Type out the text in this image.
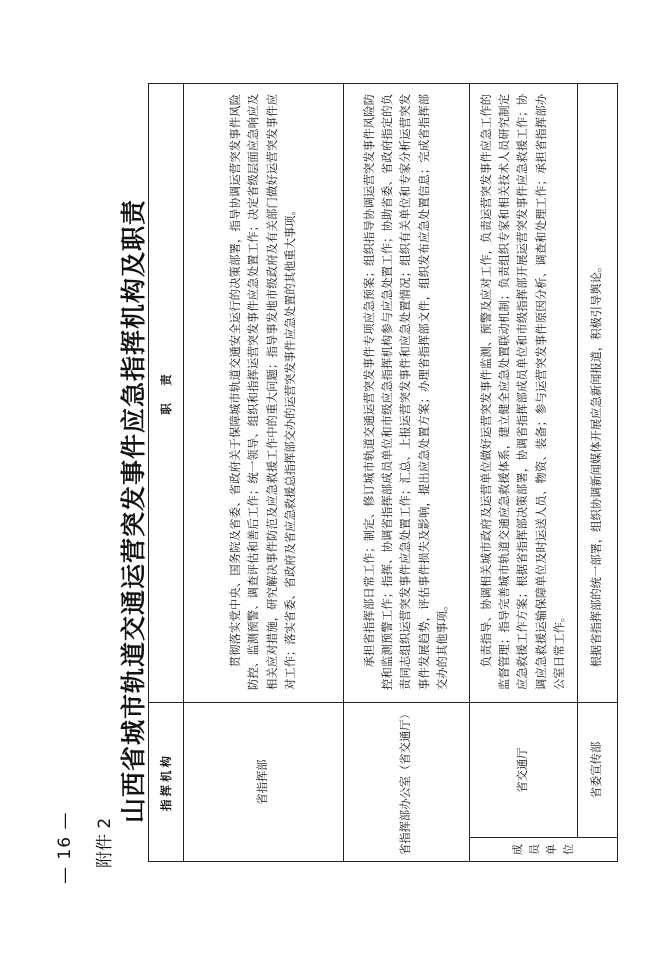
— 16 — 附件 2
山西省城市轨道交通运营突发事件应急指挥机构及职责 指挥机构		职　责
省指挥部		贯彻落实党中央、国务院及省委、省政府关于保障城市轨道交通安全运行的决策部署，指导协调运营突发事件风险防控、监测预警、调查评估和善后工作；统一领导、组织和指挥运营突发事件应急处置工作；决定省级层面应急响应及相关应对措施，研究解决事件防范及应急救援工作中的重大问题；指导事发地市级政府及有关部门做好运营突发事件应对工作；落实省委、省政府及省应急救援总指挥部交办的运营突发事件应急处置的其他重大事项。

省指挥部办公室（省交通厅）		承担省指挥部日常工作；制定、修订城市轨道交通运营突发事件专项应急预案；组织指导协调运营突发事件风险防控和监测预警工作；指挥、协调省指挥部成员单位和市级应急指挥机构参与应急处置工作；协助省委、省政府指定的负责同志组织运营突发事件应急处置工作；汇总、上报运营突发事件和应急处置情况；组织有关单位和专家分析运营突发事件发展趋势，评估事件损失及影响，提出应急处置方案；办理省指挥部文件，组织发布应急处置信息；完成省指挥部交办的其他事项。

成员单位	省交通厅	负责指导、协调相关城市政府及运营单位做好运营突发事件监测、预警及应对工作，负责运营突发事件应急工作的监督管理；指导完善城市轨道交通应急救援体系，建立健全应急处置联动机制；负责组织专家和相关技术人员研究制定应急救援工作方案；根据省指挥部决策部署，协调省指挥部成员单位和市级指挥部开展运营突发事件应急救援工作；协调应急救援运输保障单位及时运送人员、物资、装备；参与运营突发事件原因分析、调查和处理工作；承担省指挥部办公室日常工作。

	省委宣传部	根据省指挥部的统一部署，组织协调新闻媒体开展应急新闻报道，积极引导舆论。
